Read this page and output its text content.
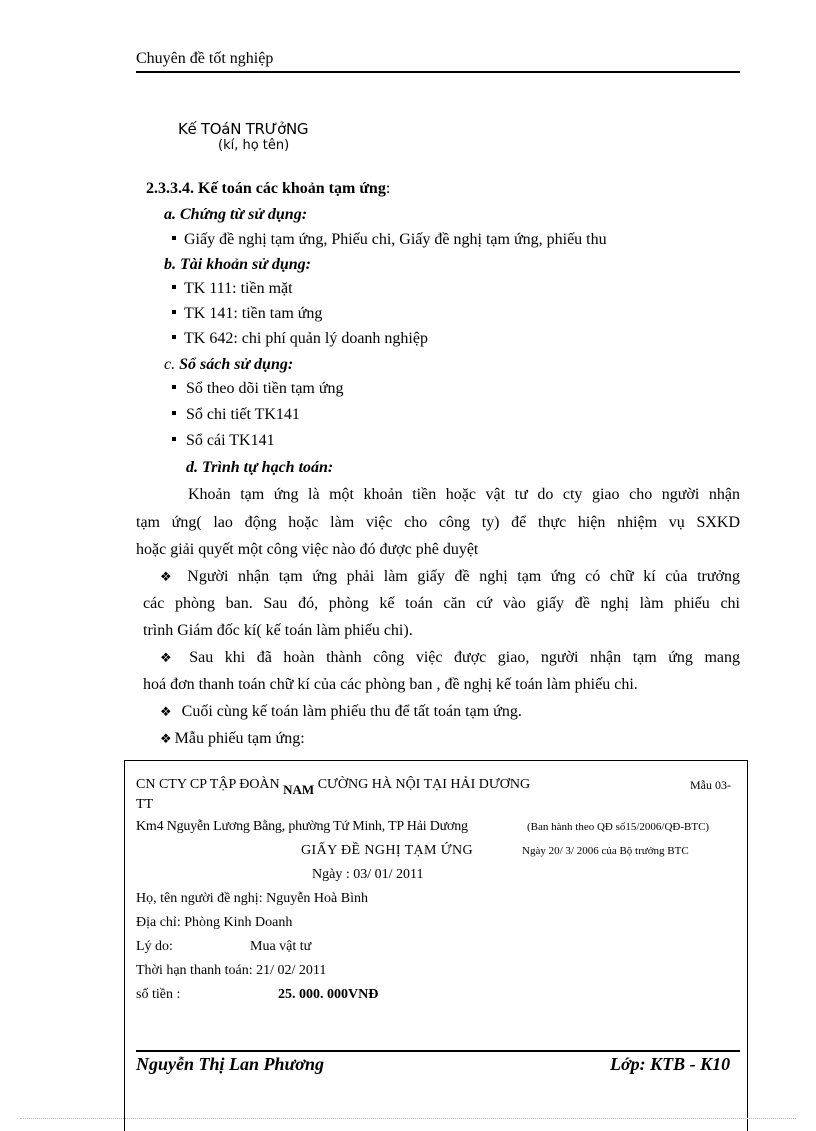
Chuyên đề tốt nghiệp
Kế TOáN TRƯởNG
(kí, họ tên)
2.3.3.4. Kế toán các khoản tạm ứng:
a. Chứng từ sử dụng:
Giấy đề nghị tạm ứng, Phiếu chi, Giấy đề nghị tạm ứng, phiếu thu
b. Tài khoản sử dụng:
TK 111: tiền mặt
TK 141: tiền tam ứng
TK 642: chi phí quản lý doanh nghiệp
c. Sổ sách sử dụng:
Sổ theo dõi tiền tạm ứng
Sổ chi tiết TK141
Sổ cái TK141
d. Trình tự hạch toán:
Khoản tạm ứng là một khoản tiền hoặc vật tư do cty giao cho người nhận
tạm ứng( lao động hoặc làm việc cho công ty) để thực hiện nhiệm vụ SXKD
hoặc giải quyết một công việc nào đó được phê duyệt
❖ Người nhận tạm ứng phải làm giấy đề nghị tạm ứng có chữ kí của trưởng
các phòng ban. Sau đó, phòng kế toán căn cứ vào giấy đề nghị làm phiếu chi
trình Giám đốc kí( kế toán làm phiếu chi).
❖ Sau khi đã hoàn thành công việc được giao, người nhận tạm ứng mang
hoá đơn thanh toán chữ kí của các phòng ban , đề nghị kế toán làm phiếu chi.
❖ Cuối cùng kế toán làm phiếu thu để tất toán tạm ứng.
❖ Mẫu phiếu tạm ứng:
CN CTY CP TẬP ĐOÀN NAM CƯỜNG HÀ NỘI TẠI HẢI DƯƠNG	Mẫu 03-
TT
Km4 Nguyễn Lương Bằng, phường Tứ Minh, TP Hải Dương	(Ban hành theo QĐ số15/2006/QĐ-BTC)
GIẤY ĐỀ NGHỊ TẠM ỨNG	Ngày 20/ 3/ 2006 của Bộ trưởng BTC
Ngày : 03/ 01/ 2011
Họ, tên người đề nghị: Nguyễn Hoà Bình
Địa chỉ: Phòng Kinh Doanh
Lý do:	Mua vật tư
Thời hạn thanh toán: 21/ 02/ 2011
số tiền :	25. 000. 000VNĐ
Nguyễn Thị Lan Phương	Lớp: KTB - K10
